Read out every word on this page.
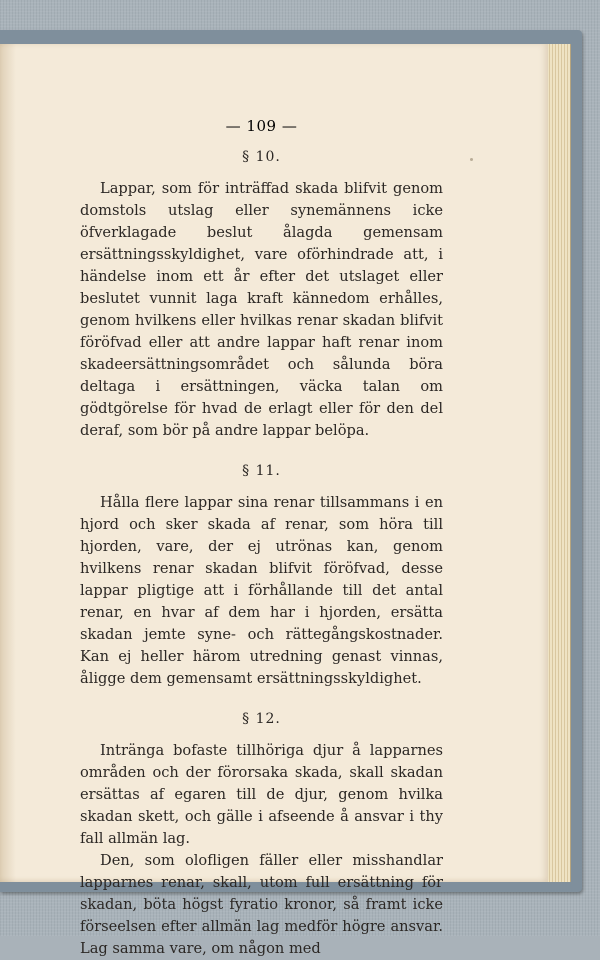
— 109 —

§ 10.

Lappar, som för inträffad skada blifvit genom domstols utslag eller synemännens icke öfverklagade beslut ålagda gemensam ersättningsskyldighet, vare oförhindrade att, i händelse inom ett år efter det utslaget eller beslutet vunnit laga kraft kännedom erhålles, genom hvilkens eller hvilkas renar skadan blifvit föröfvad eller att andre lappar haft renar inom skadeersättningsområdet och sålunda böra deltaga i ersättningen, väcka talan om gödtgörelse för hvad de erlagt eller för den del deraf, som bör på andre lappar belöpa.

§ 11.

Hålla flere lappar sina renar tillsammans i en hjord och sker skada af renar, som höra till hjorden, vare, der ej utrönas kan, genom hvilkens renar skadan blifvit föröfvad, desse lappar pligtige att i förhållande till det antal renar, en hvar af dem har i hjorden, ersätta skadan jemte syne- och rättegångskostnader. Kan ej heller härom utredning genast vinnas, åligge dem gemensamt ersättningsskyldighet.

§ 12.

Inträngа bofaste tillhöriga djur å lapparnes områden och der förorsaka skada, skall skadan ersättas af egaren till de djur, genom hvilka skadan skett, och gälle i afseende å ansvar i thy fall allmän lag.

Den, som olofligen fäller eller misshandlar lapparnes renar, skall, utom full ersättning för skadan, böta högst fyratio kronor, så framt icke förseelsen efter allmän lag medför högre ansvar. Lag samma vare, om någon med
